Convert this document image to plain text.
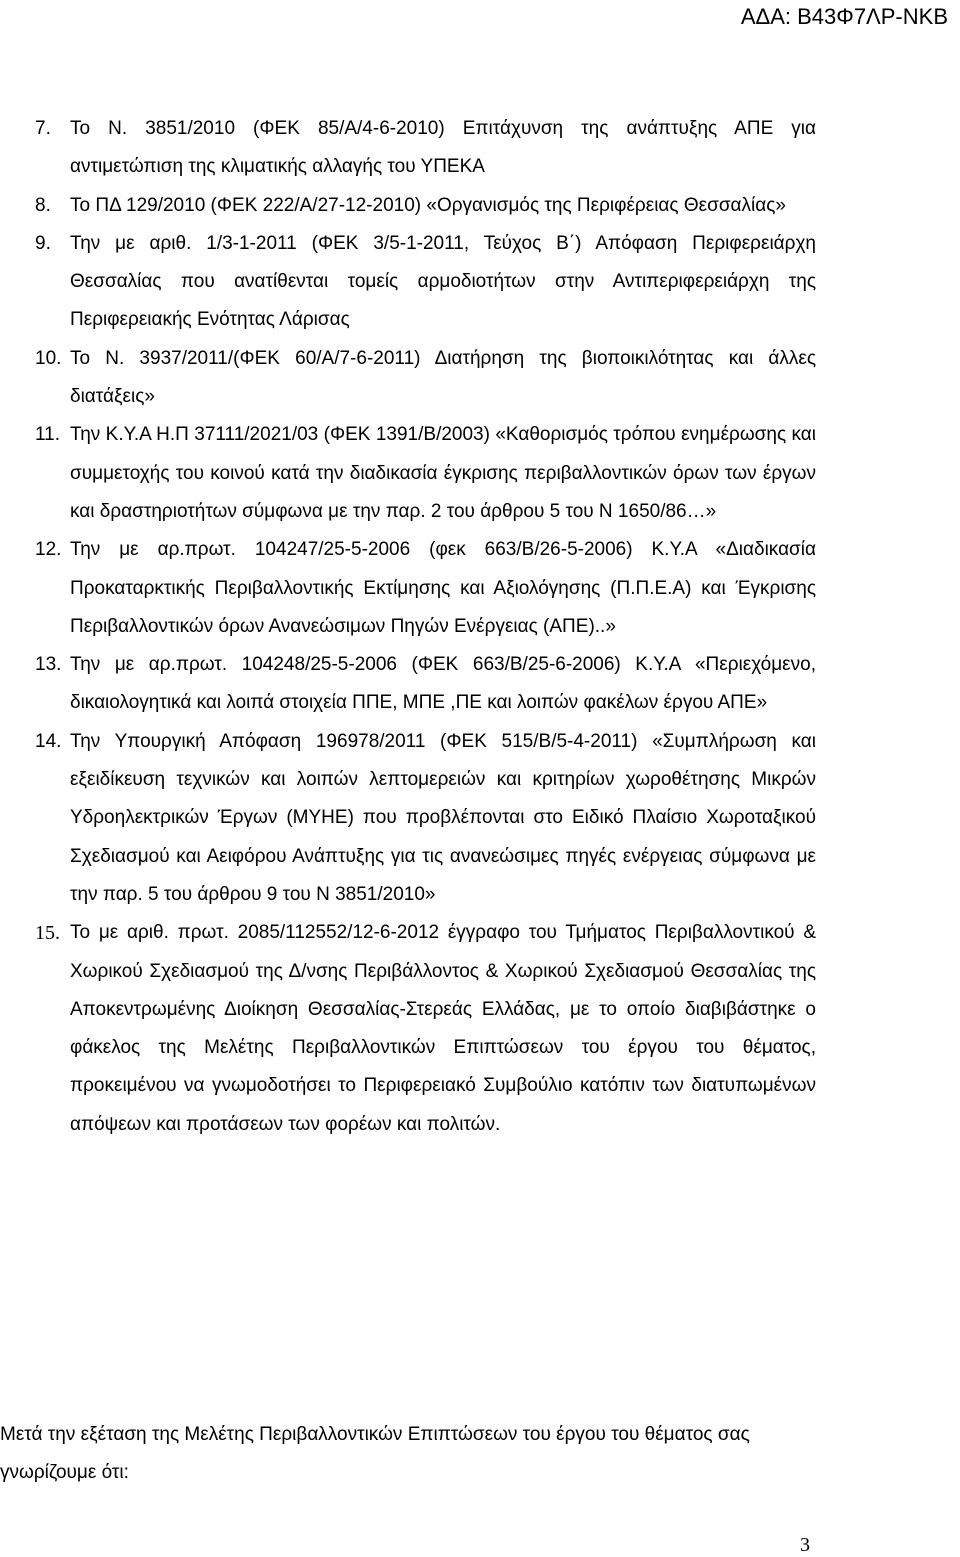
ΑΔΑ: Β43Φ7ΛΡ-ΝΚΒ
7.	Το Ν. 3851/2010 (ΦΕΚ 85/Α/4-6-2010) Επιτάχυνση της ανάπτυξης ΑΠΕ για αντιμετώπιση της κλιματικής αλλαγής του ΥΠΕΚΑ
8.	Το ΠΔ 129/2010 (ΦΕΚ 222/Α/27-12-2010) «Οργανισμός της Περιφέρειας Θεσσαλίας»
9.	Την με αριθ. 1/3-1-2011 (ΦΕΚ 3/5-1-2011, Τεύχος Β΄) Απόφαση Περιφερειάρχη Θεσσαλίας που ανατίθενται τομείς αρμοδιοτήτων στην Αντιπεριφερειάρχη της Περιφερειακής Ενότητας Λάρισας
10. Το Ν. 3937/2011/(ΦΕΚ 60/Α/7-6-2011) Διατήρηση της βιοποικιλότητας και άλλες διατάξεις»
11. Την Κ.Υ.Α Η.Π 37111/2021/03 (ΦΕΚ 1391/Β/2003) «Καθορισμός τρόπου ενημέρωσης και συμμετοχής του κοινού κατά την διαδικασία έγκρισης περιβαλλοντικών όρων των έργων και δραστηριοτήτων σύμφωνα με την παρ. 2 του άρθρου 5 του Ν 1650/86…»
12. Την με αρ.πρωτ. 104247/25-5-2006 (φεκ 663/Β/26-5-2006) Κ.Υ.Α «Διαδικασία Προκαταρκτικής Περιβαλλοντικής Εκτίμησης και Αξιολόγησης (Π.Π.Ε.Α) και Έγκρισης Περιβαλλοντικών όρων Ανανεώσιμων Πηγών Ενέργειας (ΑΠΕ)..»
13. Την με αρ.πρωτ. 104248/25-5-2006 (ΦΕΚ 663/Β/25-6-2006) Κ.Υ.Α «Περιεχόμενο, δικαιολογητικά και λοιπά στοιχεία ΠΠΕ, ΜΠΕ ,ΠΕ και λοιπών φακέλων έργου ΑΠΕ»
14. Την Υπουργική Απόφαση 196978/2011 (ΦΕΚ 515/Β/5-4-2011) «Συμπλήρωση και εξειδίκευση τεχνικών και λοιπών λεπτομερειών και κριτηρίων χωροθέτησης Μικρών Υδροηλεκτρικών Έργων (ΜΥΗΕ) που προβλέπονται στο Ειδικό Πλαίσιο Χωροταξικού Σχεδιασμού και Αειφόρου Ανάπτυξης για τις ανανεώσιμες πηγές ενέργειας σύμφωνα με την παρ. 5 του άρθρου 9 του Ν 3851/2010»
15. Το με αριθ. πρωτ. 2085/112552/12-6-2012 έγγραφο του Τμήματος Περιβαλλοντικού & Χωρικού Σχεδιασμού της Δ/νσης Περιβάλλοντος & Χωρικού Σχεδιασμού Θεσσαλίας της Αποκεντρωμένης Διοίκηση Θεσσαλίας-Στερεάς Ελλάδας, με το οποίο διαβιβάστηκε ο φάκελος της Μελέτης Περιβαλλοντικών Επιπτώσεων του έργου του θέματος, προκειμένου να γνωμοδοτήσει το Περιφερειακό Συμβούλιο κατόπιν των διατυπωμένων απόψεων και προτάσεων των φορέων και πολιτών.

Μετά την εξέταση της Μελέτης Περιβαλλοντικών Επιπτώσεων του έργου του θέματος σας γνωρίζουμε ότι:

3
